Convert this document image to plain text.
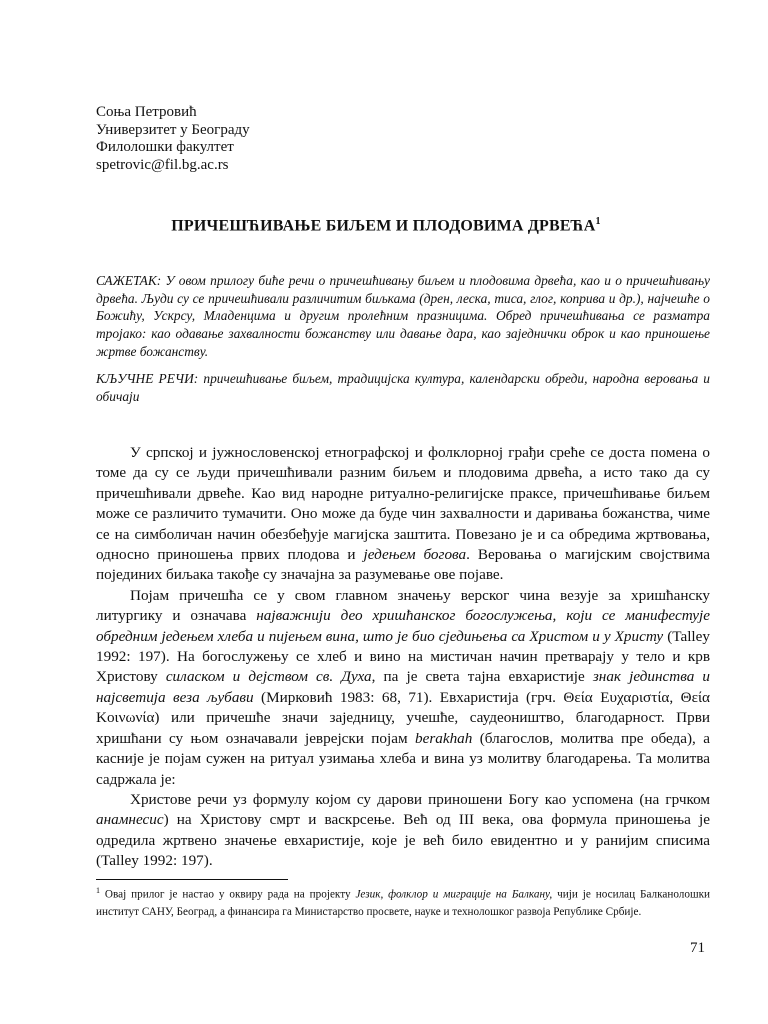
Соња Петровић
Универзитет у Београду
Филолошки факултет
spetrovic@fil.bg.ac.rs
ПРИЧЕШЋИВАЊЕ БИЉЕМ И ПЛОДОВИМА ДРВЕЋА$^1$
САЖЕТАК: У овом прилогу биће речи о причешћивању биљем и плодовима дрвећа, као и о причешћивању дрвећа. Људи су се причешћивали различитим биљкама (дрен, леска, тиса, глог, коприва и др.), најчешће о Божићу, Ускрсу, Младенцима и другим пролећним празницима. Обред причешћивања се разматра тројако: као одавање захвалности божанству или давање дара, као заједнички оброк и као приношење жртве божанству.
КЉУЧНЕ РЕЧИ: причешћивање биљем, традицијска култура, календарски обреди, народна веровања и обичаји

У српској и јужнословенској етнографској и фолклорној грађи среће се доста помена о томе да су се људи причешћивали разним биљем и плодовима дрвећа, а исто тако да су причешћивали дрвеће. Као вид народне ритуално-религијске праксе, причешћивање биљем може се различито тумачити. Оно може да буде чин захвалности и даривања божанства, чиме се на симболичан начин обезбеђује магијска заштита. Повезано је и са обредима жртвовања, односно приношења првих плодова и једењем богова. Веровања о магијским својствима појединих биљака такође су значајна за разумевање ове појаве.

Појам причешћа се у свом главном значењу верског чина везује за хришћанску литургику и означава најважнији део хришћанског богослужења, који се манифестује обредним једењем хлеба и пијењем вина, што је био сједињења са Христом и у Христу (Talley 1992: 197). На богослужењу се хлеб и вино на мистичан начин претварају у тело и крв Христову силаском и дејством св. Духа, па је света тајна евхаристије знак јединства и најсветија веза љубави (Мирковић 1983: 68, 71). Евхаристија (грч. Θεία Ευχαριστία, Θεία Κοινωνία) или причешће значи заједницу, учешће, саудеоништво, благодарност. Први хришћани су њом означавали јеврејски појам berakhah (благослов, молитва пре обеда), а касније је појам сужен на ритуал узимања хлеба и вина уз молитву благодарења. Та молитва садржала је:

Христове речи уз формулу којом су дарови приношени Богу као успомена (на грчком анамнесис) на Христову смрт и васкрсење. Већ од III века, ова формула приношења је одредила жртвено значење евхаристије, које је већ било евидентно и у ранијим списима (Talley 1992: 197).

$^1$ Овај прилог је настао у оквиру рада на пројекту Језик, фолклор и миграције на Балкану, чији је носилац Балканолошки институт САНУ, Београд, а финансира га Министарство просвете, науке и технолошког развоја Републике Србије.
71
